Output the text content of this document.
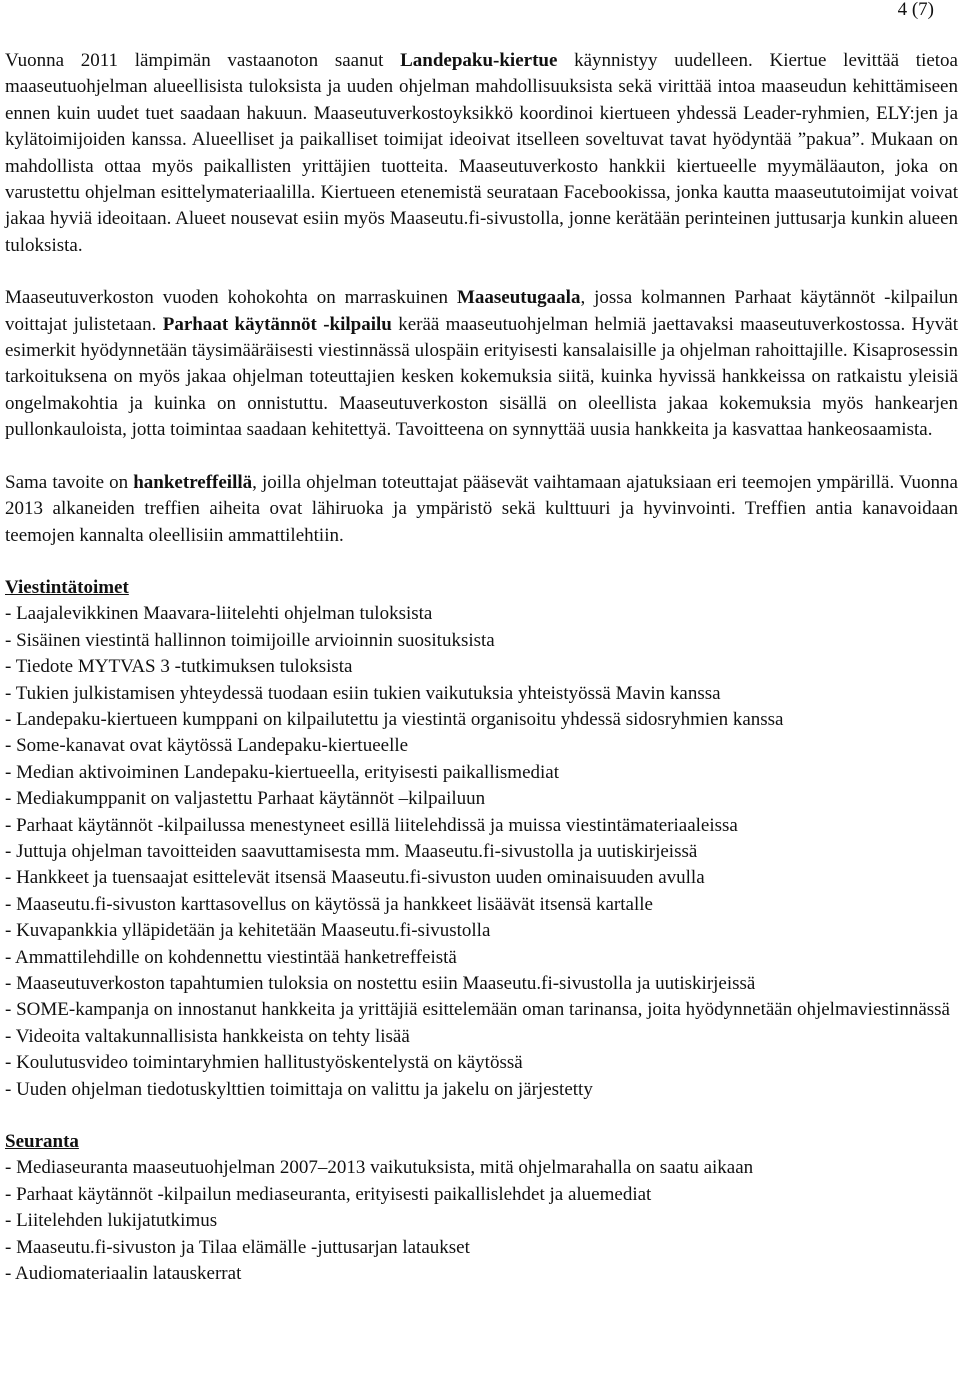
4 (7)

Vuonna 2011 lämpimän vastaanoton saanut Landepaku-kiertue käynnistyy uudelleen. Kiertue levittää tietoa maaseutuohjelman alueellisista tuloksista ja uuden ohjelman mahdollisuuksista sekä virittää intoa maaseudun kehittämiseen ennen kuin uudet tuet saadaan hakuun. Maaseutuverkostoyksikkö koordinoi kiertueen yhdessä Leader-ryhmien, ELY:jen ja kylätoimijoiden kanssa. Alueelliset ja paikalliset toimijat ideoivat itselleen soveltuvat tavat hyödyntää ”pakua”. Mukaan on mahdollista ottaa myös paikallisten yrittäjien tuotteita. Maaseutuverkosto hankkii kiertueelle myymäläauton, joka on varustettu ohjelman esittelymateriaalilla. Kiertueen etenemistä seurataan Facebookissa, jonka kautta maaseututoimijat voivat jakaa hyviä ideoitaan. Alueet nousevat esiin myös Maaseutu.fi-sivustolla, jonne kerätään perinteinen juttusarja kunkin alueen tuloksista.

Maaseutuverkoston vuoden kohokohta on marraskuinen Maaseutugaala, jossa kolmannen Parhaat käytännöt -kilpailun voittajat julistetaan. Parhaat käytännöt -kilpailu kerää maaseutuohjelman helmiä jaettavaksi maaseutuverkostossa. Hyvät esimerkit hyödynnetään täysimääräisesti viestinnässä ulospäin erityisesti kansalaisille ja ohjelman rahoittajille. Kisaprosessin tarkoituksena on myös jakaa ohjelman toteuttajien kesken kokemuksia siitä, kuinka hyvissä hankkeissa on ratkaistu yleisiä ongelmakohtia ja kuinka on onnistuttu. Maaseutuverkoston sisällä on oleellista jakaa kokemuksia myös hankearjen pullonkauloista, jotta toimintaa saadaan kehitettyä. Tavoitteena on synnyttää uusia hankkeita ja kasvattaa hankeosaamista.

Sama tavoite on hanketreffeillä, joilla ohjelman toteuttajat pääsevät vaihtamaan ajatuksiaan eri teemojen ympärillä. Vuonna 2013 alkaneiden treffien aiheita ovat lähiruoka ja ympäristö sekä kulttuuri ja hyvinvointi. Treffien antia kanavoidaan teemojen kannalta oleellisiin ammattilehtiin.

Viestintätoimet
- Laajalevikkinen Maavara-liitelehti ohjelman tuloksista
- Sisäinen viestintä hallinnon toimijoille arvioinnin suosituksista
- Tiedote MYTVAS 3 -tutkimuksen tuloksista
- Tukien julkistamisen yhteydessä tuodaan esiin tukien vaikutuksia yhteistyössä Mavin kanssa
- Landepaku-kiertueen kumppani on kilpailutettu ja viestintä organisoitu yhdessä sidosryhmien kanssa
- Some-kanavat ovat käytössä Landepaku-kiertueelle
- Median aktivoiminen Landepaku-kiertueella, erityisesti paikallismediat
- Mediakumppanit on valjastettu Parhaat käytännöt –kilpailuun
- Parhaat käytännöt -kilpailussa menestyneet esillä liitelehdissä ja muissa viestintämateriaaleissa
- Juttuja ohjelman tavoitteiden saavuttamisesta mm. Maaseutu.fi-sivustolla ja uutiskirjeissä
- Hankkeet ja tuensaajat esittelevät itsensä Maaseutu.fi-sivuston uuden ominaisuuden avulla
- Maaseutu.fi-sivuston karttasovellus on käytössä ja hankkeet lisäävät itsensä kartalle
- Kuvapankkia ylläpidetään ja kehitetään Maaseutu.fi-sivustolla
- Ammattilehdille on kohdennettu viestintää hanketreffeistä
- Maaseutuverkoston tapahtumien tuloksia on nostettu esiin Maaseutu.fi-sivustolla ja uutiskirjeissä
- SOME-kampanja on innostanut hankkeita ja yrittäjiä esittelemään oman tarinansa, joita hyödynnetään ohjelmaviestinnässä
- Videoita valtakunnallisista hankkeista on tehty lisää
- Koulutusvideo toimintaryhmien hallitustyöskentelystä on käytössä
- Uuden ohjelman tiedotuskylttien toimittaja on valittu ja jakelu on järjestetty
Seuranta
- Mediaseuranta maaseutuohjelman 2007–2013 vaikutuksista, mitä ohjelmarahalla on saatu aikaan
- Parhaat käytännöt -kilpailun mediaseuranta, erityisesti paikallislehdet ja aluemediat
- Liitelehden lukijatutkimus
- Maaseutu.fi-sivuston ja Tilaa elämälle -juttusarjan lataukset
- Audiomateriaalin latauskerrat
